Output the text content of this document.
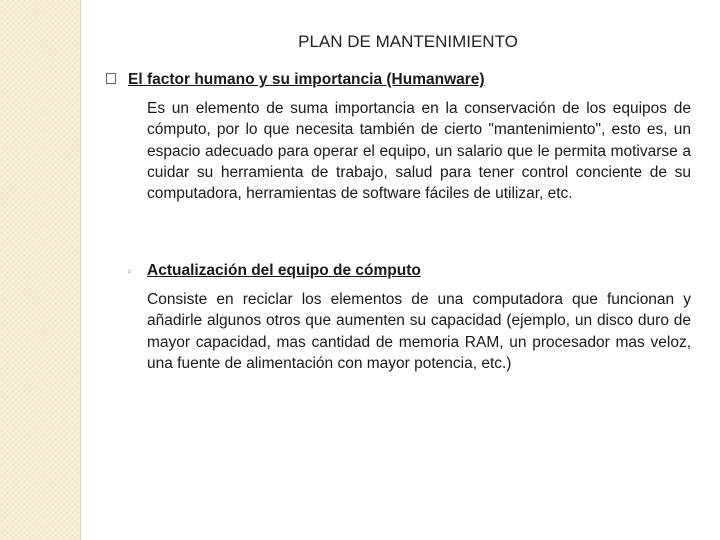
PLAN DE MANTENIMIENTO
El factor humano y su importancia (Humanware)
Es un elemento de suma importancia en la conservación de los equipos de cómputo, por lo que necesita también de cierto "mantenimiento", esto es, un espacio adecuado para operar el equipo, un salario que le permita motivarse a cuidar su herramienta de trabajo, salud para tener control conciente de su computadora, herramientas de software fáciles de utilizar, etc.
◦ Actualización del equipo de cómputo
Consiste en reciclar los elementos de una computadora que funcionan y añadirle algunos otros que aumenten su capacidad (ejemplo, un disco duro de mayor capacidad, mas cantidad de memoria RAM, un procesador mas veloz, una fuente de alimentación con mayor potencia, etc.)
